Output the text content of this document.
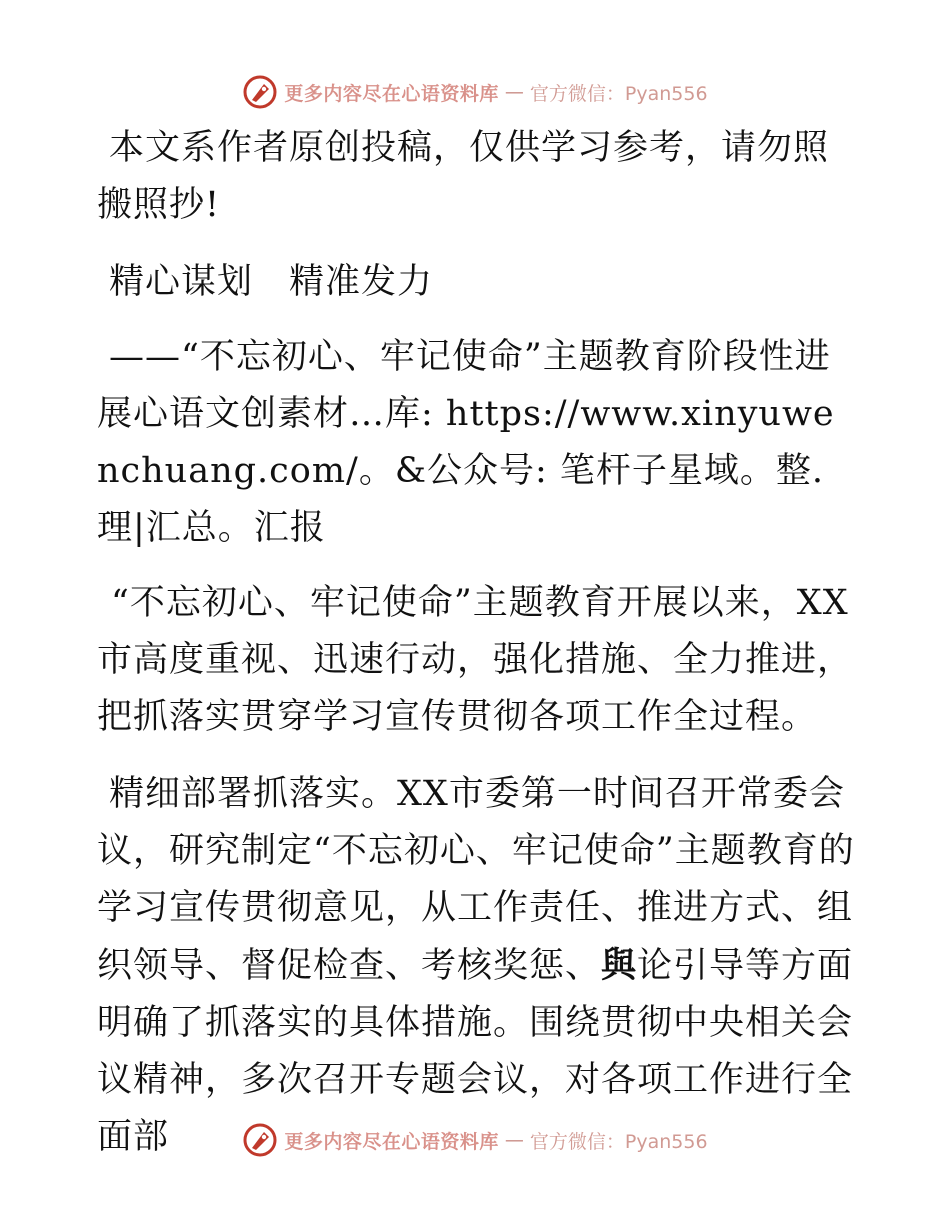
更多内容尽在心语资料库 — 官方微信：Pyan556

本文系作者原创投稿，仅供学习参考，请勿照搬照抄!

精心谋划 精准发力

——“不忘初心、牢记使命”主题教育阶段性进展心语文创素材…库: https://www.xinyuwenchuang.com/。&公众号: 笔杆子星域。整.理|汇总。汇报

“不忘初心、牢记使命”主题教育开展以来，XX市高度重视、迅速行动，强化措施、全力推进，把抓落实贯穿学习宣传贯彻各项工作全过程。

精细部署抓落实。XX市委第一时间召开常委会议，研究制定“不忘初心、牢记使命”主题教育的学习宣传贯彻意见，从工作责任、推进方式、组织领导、督促检查、考核奖惩、與论引导等方面明确了抓落实的具体措施。围绕贯彻中央相关会议精神，多次召开专题会议，对各项工作进行全面部	更多内容尽在心语资料库 — 官方微信：Pyan556
